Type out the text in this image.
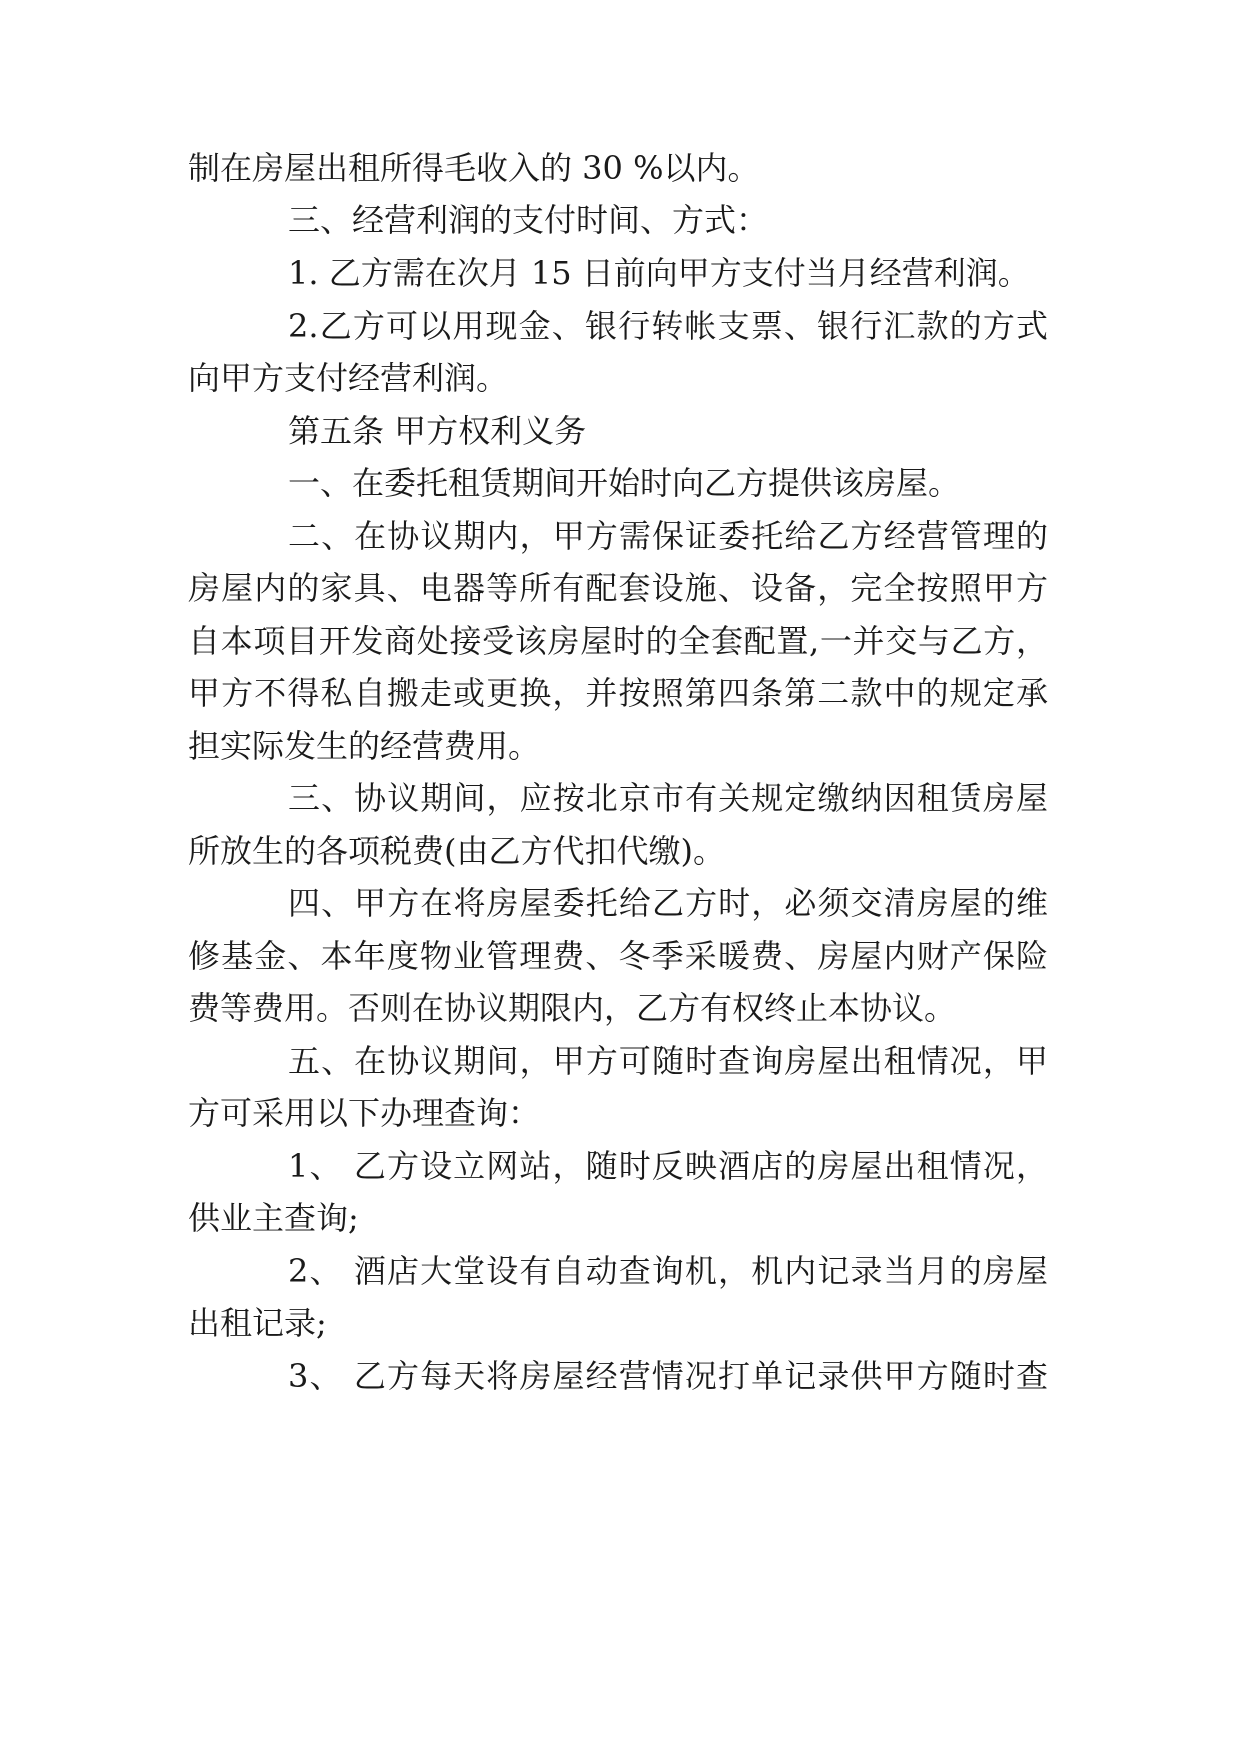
制在房屋出租所得毛收入的 30 %以内。
三、经营利润的支付时间、方式：
1. 乙方需在次月 15 日前向甲方支付当月经营利润。
2.乙方可以用现金、银行转帐支票、银行汇款的方式
向甲方支付经营利润。
第五条 甲方权利义务
一、在委托租赁期间开始时向乙方提供该房屋。
二、在协议期内，甲方需保证委托给乙方经营管理的
房屋内的家具、电器等所有配套设施、设备，完全按照甲方
自本项目开发商处接受该房屋时的全套配置,一并交与乙方，
甲方不得私自搬走或更换，并按照第四条第二款中的规定承
担实际发生的经营费用。
三、协议期间，应按北京市有关规定缴纳因租赁房屋
所放生的各项税费(由乙方代扣代缴)。
四、甲方在将房屋委托给乙方时，必须交清房屋的维
修基金、本年度物业管理费、冬季采暖费、房屋内财产保险
费等费用。否则在协议期限内，乙方有权终止本协议。
五、在协议期间，甲方可随时查询房屋出租情况，甲
方可采用以下办理查询：
1、 乙方设立网站，随时反映酒店的房屋出租情况，
供业主查询;
2、 酒店大堂设有自动查询机，机内记录当月的房屋
出租记录;
3、 乙方每天将房屋经营情况打单记录供甲方随时查
